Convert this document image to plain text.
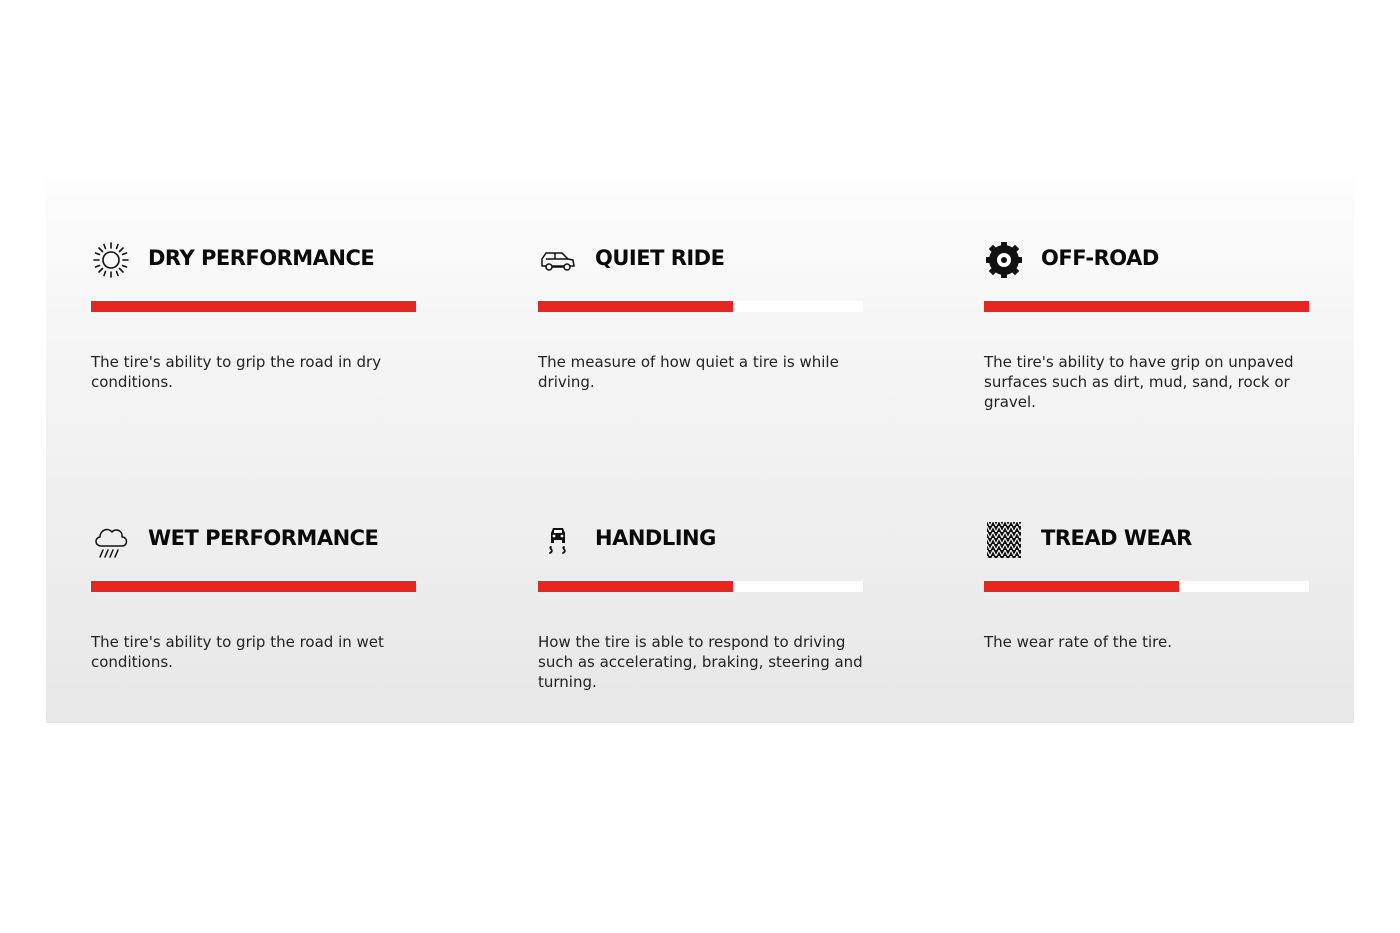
DRY PERFORMANCE
The tire's ability to grip the road in dry conditions.
QUIET RIDE
The measure of how quiet a tire is while driving.
OFF-ROAD
The tire's ability to have grip on unpaved surfaces such as dirt, mud, sand, rock or gravel.
WET PERFORMANCE
The tire's ability to grip the road in wet conditions.
HANDLING
How the tire is able to respond to driving such as accelerating, braking, steering and turning.
TREAD WEAR
The wear rate of the tire.
